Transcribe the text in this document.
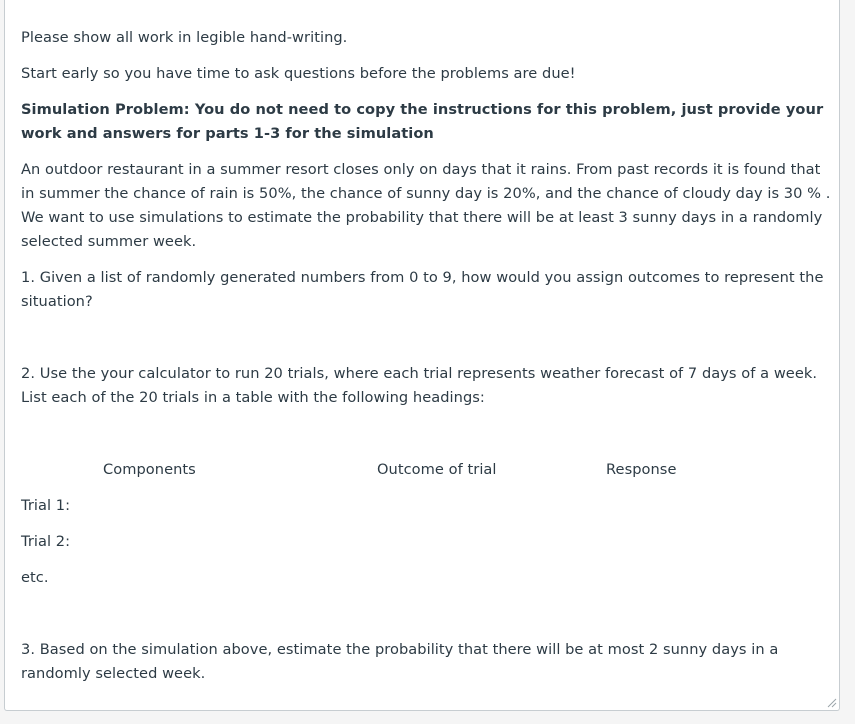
Please show all work in legible hand-writing.

Start early so you have time to ask questions before the problems are due!

Simulation Problem: You do not need to copy the instructions for this problem, just provide your work and answers for parts 1-3 for the simulation

An outdoor restaurant in a summer resort closes only on days that it rains. From past records it is found that in summer the chance of rain is 50%, the chance of sunny day is 20%, and the chance of cloudy day is 30 % . We want to use simulations to estimate the probability that there will be at least 3 sunny days in a randomly selected summer week.

1. Given a list of randomly generated numbers from 0 to 9, how would you assign outcomes to represent the situation?

2. Use the your calculator to run 20 trials, where each trial represents weather forecast of 7 days of a week. List each of the 20 trials in a table with the following headings:

Components	Outcome of trial	Response

Trial 1:

Trial 2:

etc.

3. Based on the simulation above, estimate the probability that there will be at most 2 sunny days in a randomly selected week.
